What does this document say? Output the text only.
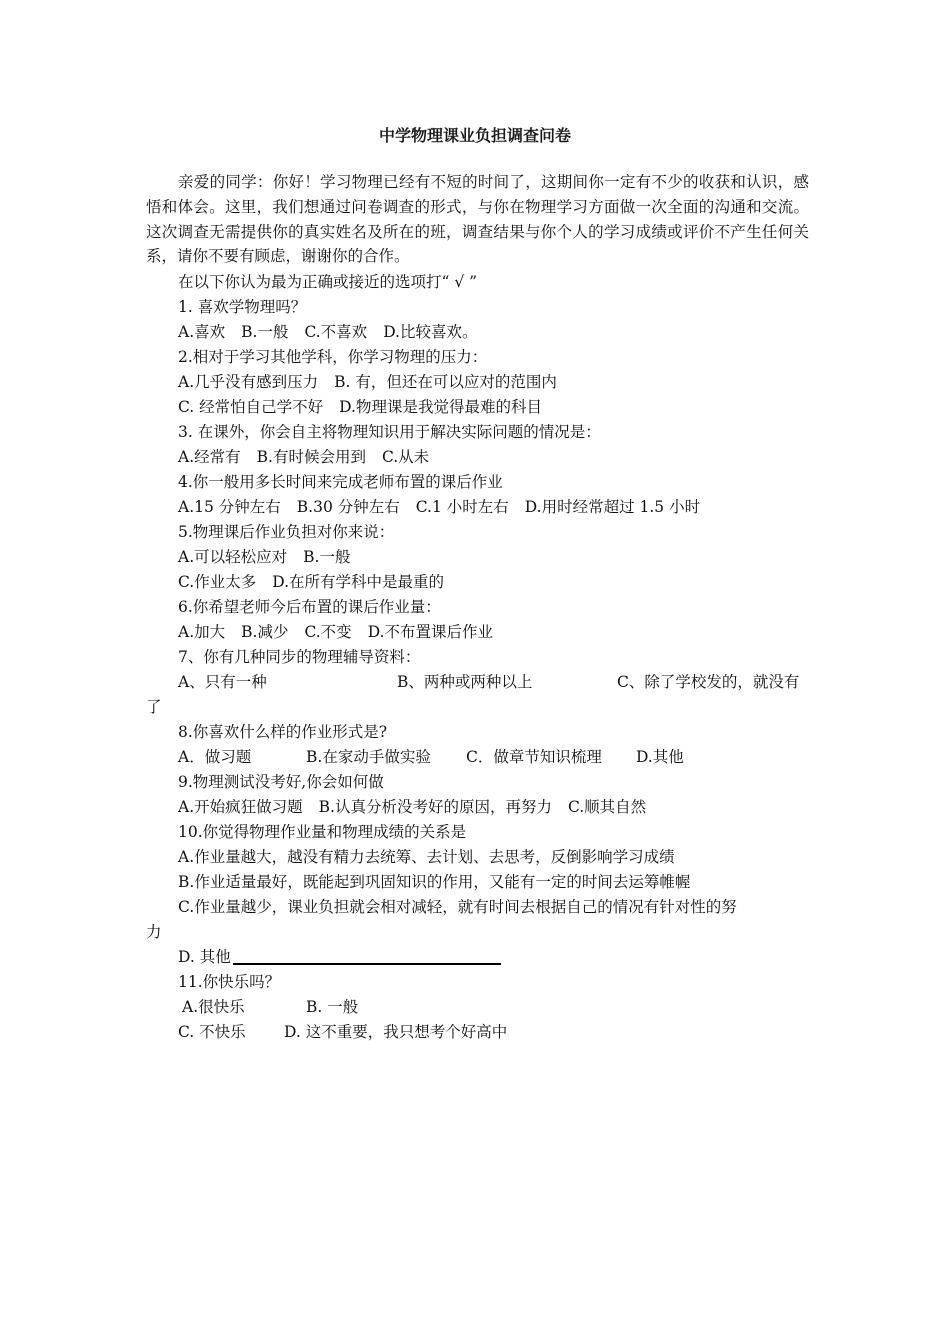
中学物理课业负担调查问卷
亲爱的同学：你好！学习物理已经有不短的时间了，这期间你一定有不少的收获和认识，感悟和体会。这里，我们想通过问卷调查的形式，与你在物理学习方面做一次全面的沟通和交流。这次调查无需提供你的真实姓名及所在的班，调查结果与你个人的学习成绩或评价不产生任何关系，请你不要有顾虑，谢谢你的合作。
在以下你认为最为正确或接近的选项打“ √ ”
1. 喜欢学物理吗？
A.喜欢 B.一般 C.不喜欢 D.比较喜欢。
2.相对于学习其他学科，你学习物理的压力：
A.几乎没有感到压力 B. 有，但还在可以应对的范围内
C. 经常怕自己学不好 D.物理课是我觉得最难的科目
3. 在课外，你会自主将物理知识用于解决实际问题的情况是：
A.经常有 B.有时候会用到 C.从未
4.你一般用多长时间来完成老师布置的课后作业
A.15 分钟左右 B.30 分钟左右 C.1 小时左右 D.用时经常超过 1.5 小时
5.物理课后作业负担对你来说：
A.可以轻松应对 B.一般
C.作业太多 D.在所有学科中是最重的
6.你希望老师今后布置的课后作业量：
A.加大 B.减少 C.不变 D.不布置课后作业
7、你有几种同步的物理辅导资料：
A、只有一种	B、两种或两种以上	C、除了学校发的，就没有
了
8.你喜欢什么样的作业形式是?
A．做习题	B.在家动手做实验 C．做章节知识梳理 D.其他
9.物理测试没考好,你会如何做
A.开始疯狂做习题 B.认真分析没考好的原因，再努力 C.顺其自然
10.你觉得物理作业量和物理成绩的关系是
A.作业量越大，越没有精力去统筹、去计划、去思考，反倒影响学习成绩
B.作业适量最好，既能起到巩固知识的作用，又能有一定的时间去运筹帷幄
C.作业量越少，课业负担就会相对减轻，就有时间去根据自己的情况有针对性的努
力
D. 其他
11.你快乐吗？
A.很快乐	B. 一般
C. 不快乐 D. 这不重要，我只想考个好高中
